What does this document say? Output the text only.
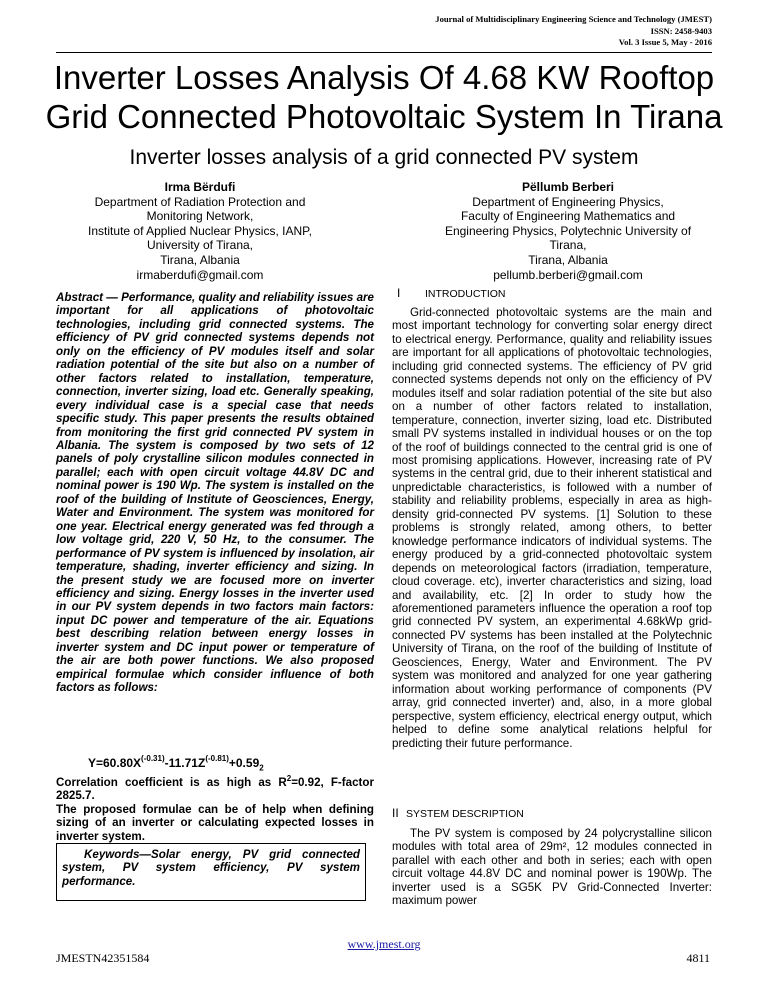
Journal of Multidisciplinary Engineering Science and Technology (JMEST)
ISSN: 2458-9403
Vol. 3 Issue 5, May - 2016
Inverter Losses Analysis Of 4.68 KW Rooftop
Grid Connected Photovoltaic System In Tirana
Inverter losses analysis of a grid connected PV system
Irma Bërdufi
Department of Radiation Protection and
Monitoring Network,
Institute of Applied Nuclear Physics, IANP,
University of Tirana,
Tirana, Albania
irmaberdufi@gmail.com
Pëllumb Berberi
Department of Engineering Physics,
Faculty of Engineering Mathematics and
Engineering Physics, Polytechnic University of
Tirana,
Tirana, Albania
pellumb.berberi@gmail.com

Abstract — Performance, quality and reliability issues are important for all applications of photovoltaic technologies, including grid connected systems. The efficiency of PV grid connected systems depends not only on the efficiency of PV modules itself and solar radiation potential of the site but also on a number of other factors related to installation, temperature, connection, inverter sizing, load etc. Generally speaking, every individual case is a special case that needs specific study. This paper presents the results obtained from monitoring the first grid connected PV system in Albania. The system is composed by two sets of 12 panels of poly crystalline silicon modules connected in parallel; each with open circuit voltage 44.8V DC and nominal power is 190 Wp. The system is installed on the roof of the building of Institute of Geosciences, Energy, Water and Environment. The system was monitored for one year. Electrical energy generated was fed through a low voltage grid, 220 V, 50 Hz, to the consumer. The performance of PV system is influenced by insolation, air temperature, shading, inverter efficiency and sizing. In the present study we are focused more on inverter efficiency and sizing. Energy losses in the inverter used in our PV system depends in two factors main factors: input DC power and temperature of the air. Equations best describing relation between energy losses in inverter system and DC input power or temperature of the air are both power functions. We also proposed empirical formulae which consider influence of both factors as follows:

$Y=60.80X^{(-0.31)}-11.71Z^{(-0.81)}+0.59_2$
Correlation coefficient is as high as $R^2=0.92$, F-factor 2825.7.
The proposed formulae can be of help when defining sizing of an inverter or calculating expected losses in inverter system.

Keywords—Solar energy, PV grid connected system, PV system efficiency, PV system performance.

I INTRODUCTION

Grid-connected photovoltaic systems are the main and most important technology for converting solar energy direct to electrical energy. Performance, quality and reliability issues are important for all applications of photovoltaic technologies, including grid connected systems. The efficiency of PV grid connected systems depends not only on the efficiency of PV modules itself and solar radiation potential of the site but also on a number of other factors related to installation, temperature, connection, inverter sizing, load etc. Distributed small PV systems installed in individual houses or on the top of the roof of buildings connected to the central grid is one of most promising applications. However, increasing rate of PV systems in the central grid, due to their inherent statistical and unpredictable characteristics, is followed with a number of stability and reliability problems, especially in area as high-density grid-connected PV systems. [1] Solution to these problems is strongly related, among others, to better knowledge performance indicators of individual systems. The energy produced by a grid-connected photovoltaic system depends on meteorological factors (irradiation, temperature, cloud coverage. etc), inverter characteristics and sizing, load and availability, etc. [2] In order to study how the aforementioned parameters influence the operation a roof top grid connected PV system, an experimental 4.68kWp grid-connected PV systems has been installed at the Polytechnic University of Tirana, on the roof of the building of Institute of Geosciences, Energy, Water and Environment. The PV system was monitored and analyzed for one year gathering information about working performance of components (PV array, grid connected inverter) and, also, in a more global perspective, system efficiency, electrical energy output, which helped to define some analytical relations helpful for predicting their future performance.

II SYSTEM DESCRIPTION

The PV system is composed by 24 polycrystalline silicon modules with total area of 29m², 12 modules connected in parallel with each other and both in series; each with open circuit voltage 44.8V DC and nominal power is 190Wp. The inverter used is a SG5K PV Grid-Connected Inverter: maximum power

www.jmest.org
JMESTN42351584	4811
